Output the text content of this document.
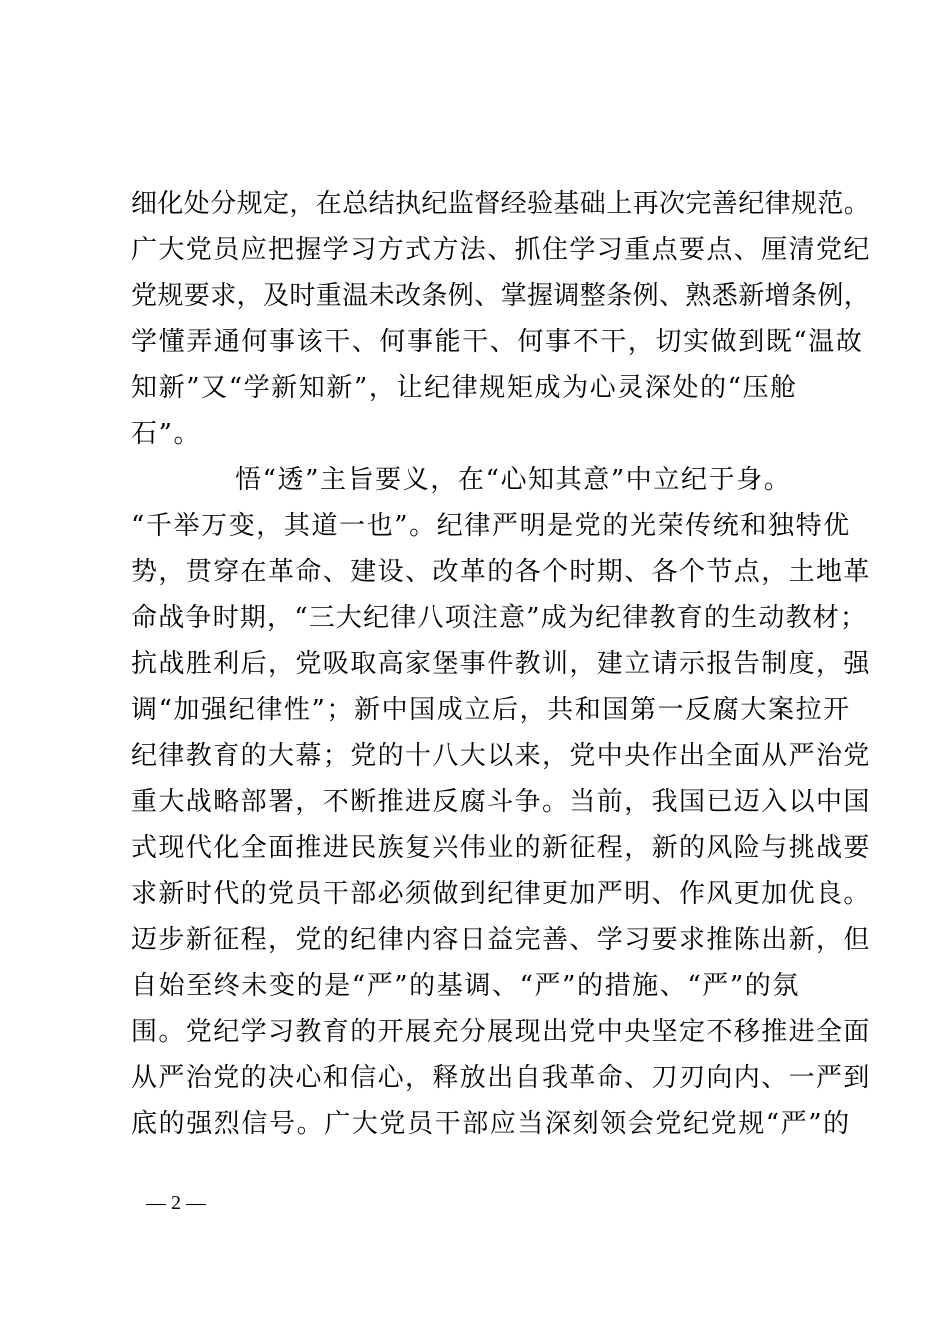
细化处分规定，在总结执纪监督经验基础上再次完善纪律规范。
广大党员应把握学习方式方法、抓住学习重点要点、厘清党纪
党规要求，及时重温未改条例、掌握调整条例、熟悉新增条例，
学懂弄通何事该干、何事能干、何事不干，切实做到既“温故
知新”又“学新知新”，让纪律规矩成为心灵深处的“压舱
石”。
悟“透”主旨要义，在“心知其意”中立纪于身。
“千举万变，其道一也”。纪律严明是党的光荣传统和独特优
势，贯穿在革命、建设、改革的各个时期、各个节点，土地革
命战争时期，“三大纪律八项注意”成为纪律教育的生动教材；
抗战胜利后，党吸取高家堡事件教训，建立请示报告制度，强
调“加强纪律性”；新中国成立后，共和国第一反腐大案拉开
纪律教育的大幕；党的十八大以来，党中央作出全面从严治党
重大战略部署，不断推进反腐斗争。当前，我国已迈入以中国
式现代化全面推进民族复兴伟业的新征程，新的风险与挑战要
求新时代的党员干部必须做到纪律更加严明、作风更加优良。
迈步新征程，党的纪律内容日益完善、学习要求推陈出新，但
自始至终未变的是“严”的基调、“严”的措施、“严”的氛
围。党纪学习教育的开展充分展现出党中央坚定不移推进全面
从严治党的决心和信心，释放出自我革命、刀刃向内、一严到
底的强烈信号。广大党员干部应当深刻领会党纪党规“严”的
— 2 —
